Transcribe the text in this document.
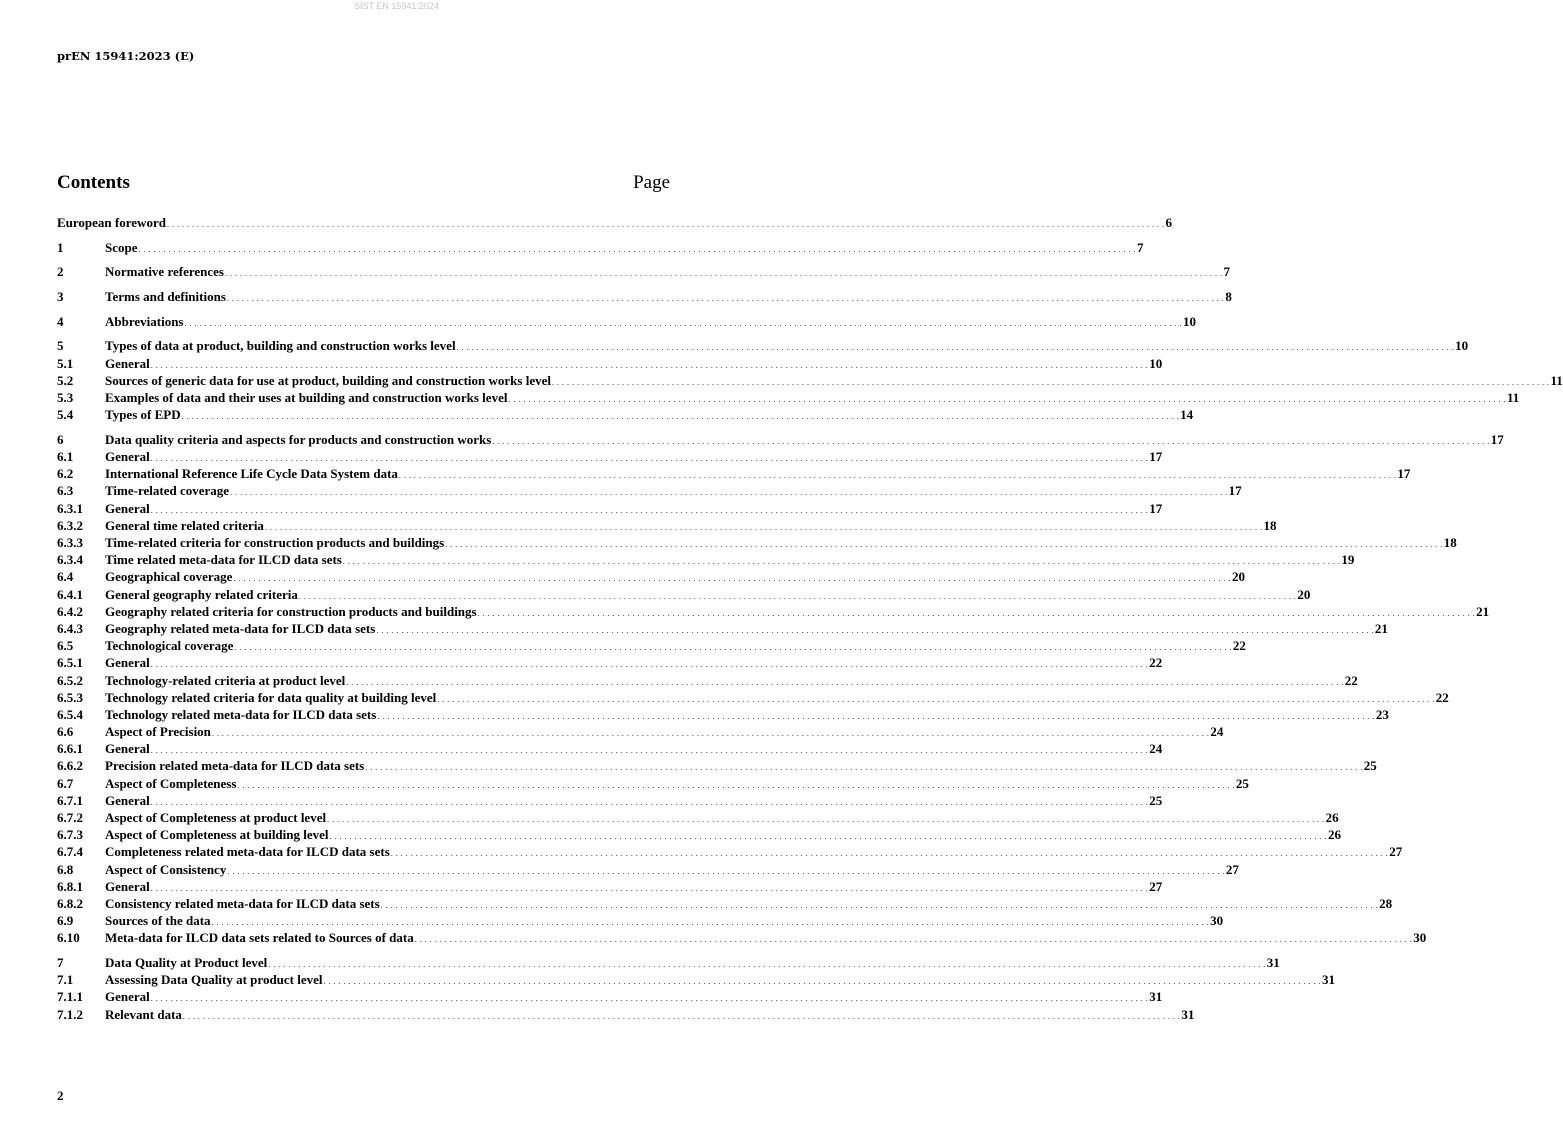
SIST EN 15941:2024
prEN 15941:2023 (E)
Contents	Page
European foreword . . . . . . . . . . . . . . . . . . . . . . . . . . . . . . . . . . . . . . . . . . . . . . . . . . . . . . . . . . . . . . . . . . . . . . . . . . . . . . . . . . . . . . . . . . . . . . . . . . . . . . . . . . . . . . . . . . . . . . . . . . . . . . . . . . . . . . . . . . . . . . . . . . . . . . . . . . . . . . . . . . . . . . . . . . . . . . . . . . . . . . . . . . . . . . . . . . . . . . . . 6
1	Scope . . . . . . . . . . . . . . . . . . . . . . . . . . . . . . . . . . . . . . . . . . . . . . . . . . . . . . . . . . . . . . . . . . . . . . . . . . . . . . . . . . . . . . . . . . . . . . . . . . . . . . . . . . . . . . . . . . . . . . . . . . . . . . . . . . . . . . . . . . . . . . . . . . . . . . . . . . . . . . . . . . . . . . . . . . . . . . . . . . . . . . . . . . . . . . . . . . . . . . . . 7
2	Normative references . . . . . . . . . . . . . . . . . . . . . . . . . . . . . . . . . . . . . . . . . . . . . . . . . . . . . . . . . . . . . . . . . . . . . . . . . . . . . . . . . . . . . . . . . . . . . . . . . . . . . . . . . . . . . . . . . . . . . . . . . . . . . . . . . . . . . . . . . . . . . . . . . . . . . . . . . . . . . . . . . . . . . . . . . . . . . . . . . . . . . . . . . . . . . . . . . . . . . . . . 7
3	Terms and definitions . . . . . . . . . . . . . . . . . . . . . . . . . . . . . . . . . . . . . . . . . . . . . . . . . . . . . . . . . . . . . . . . . . . . . . . . . . . . . . . . . . . . . . . . . . . . . . . . . . . . . . . . . . . . . . . . . . . . . . . . . . . . . . . . . . . . . . . . . . . . . . . . . . . . . . . . . . . . . . . . . . . . . . . . . . . . . . . . . . . . . . . . . . . . . . . . . . . . . . . . 8
4	Abbreviations . . . . . . . . . . . . . . . . . . . . . . . . . . . . . . . . . . . . . . . . . . . . . . . . . . . . . . . . . . . . . . . . . . . . . . . . . . . . . . . . . . . . . . . . . . . . . . . . . . . . . . . . . . . . . . . . . . . . . . . . . . . . . . . . . . . . . . . . . . . . . . . . . . . . . . . . . . . . . . . . . . . . . . . . . . . . . . . . . . . . . . . . . . . . . . . . . . . . . . . . 10
5	Types of data at product, building and construction works level . . . . . . . . . . . . . . . . . . . . . . . . . . . . . . . . . . . . . . . . . . . . . . . . . . . . . . . . . . . . . . . . . . . . . . . . . . . . . . . . . . . . . . . . . . . . . . . . . . . . . . . . . . . . . . . . . . . . . . . . . . . . . . . . . . . . . . . . . . . . . . . . . . . . . . . . . . . . . . . . . . . . . . . . . . . . . . . . . . . . . . . . . . . . . . . . . . . . . . . . 10
5.1	General . . . . . . . . . . . . . . . . . . . . . . . . . . . . . . . . . . . . . . . . . . . . . . . . . . . . . . . . . . . . . . . . . . . . . . . . . . . . . . . . . . . . . . . . . . . . . . . . . . . . . . . . . . . . . . . . . . . . . . . . . . . . . . . . . . . . . . . . . . . . . . . . . . . . . . . . . . . . . . . . . . . . . . . . . . . . . . . . . . . . . . . . . . . . . . . . . . . . . . . . 10
5.2	Sources of generic data for use at product, building and construction works level . . . . . . . . . . . . . . . . . . . . . . . . . . . . . . . . . . . . . . . . . . . . . . . . . . . . . . . . . . . . . . . . . . . . . . . . . . . . . . . . . . . . . . . . . . . . . . . . . . . . . . . . . . . . . . . . . . . . . . . . . . . . . . . . . . . . . . . . . . . . . . . . . . . . . . . . . . . . . . . . . . . . . . . . . . . . . . . . . . . . . . . . . . . . . . . . . . . . . . . . 11
5.3	Examples of data and their uses at building and construction works level . . . . . . . . . . . . . . . . . . . . . . . . . . . . . . . . . . . . . . . . . . . . . . . . . . . . . . . . . . . . . . . . . . . . . . . . . . . . . . . . . . . . . . . . . . . . . . . . . . . . . . . . . . . . . . . . . . . . . . . . . . . . . . . . . . . . . . . . . . . . . . . . . . . . . . . . . . . . . . . . . . . . . . . . . . . . . . . . . . . . . . . . . . . . . . . . . . . . . . . . 11
5.4	Types of EPD . . . . . . . . . . . . . . . . . . . . . . . . . . . . . . . . . . . . . . . . . . . . . . . . . . . . . . . . . . . . . . . . . . . . . . . . . . . . . . . . . . . . . . . . . . . . . . . . . . . . . . . . . . . . . . . . . . . . . . . . . . . . . . . . . . . . . . . . . . . . . . . . . . . . . . . . . . . . . . . . . . . . . . . . . . . . . . . . . . . . . . . . . . . . . . . . . . . . . . . . 14
6	Data quality criteria and aspects for products and construction works . . . . . . . . . . . . . . . . . . . . . . . . . . . . . . . . . . . . . . . . . . . . . . . . . . . . . . . . . . . . . . . . . . . . . . . . . . . . . . . . . . . . . . . . . . . . . . . . . . . . . . . . . . . . . . . . . . . . . . . . . . . . . . . . . . . . . . . . . . . . . . . . . . . . . . . . . . . . . . . . . . . . . . . . . . . . . . . . . . . . . . . . . . . . . . . . . . . . . . . . 17
6.1	General . . . . . . . . . . . . . . . . . . . . . . . . . . . . . . . . . . . . . . . . . . . . . . . . . . . . . . . . . . . . . . . . . . . . . . . . . . . . . . . . . . . . . . . . . . . . . . . . . . . . . . . . . . . . . . . . . . . . . . . . . . . . . . . . . . . . . . . . . . . . . . . . . . . . . . . . . . . . . . . . . . . . . . . . . . . . . . . . . . . . . . . . . . . . . . . . . . . . . . . . 17
6.2	International Reference Life Cycle Data System data . . . . . . . . . . . . . . . . . . . . . . . . . . . . . . . . . . . . . . . . . . . . . . . . . . . . . . . . . . . . . . . . . . . . . . . . . . . . . . . . . . . . . . . . . . . . . . . . . . . . . . . . . . . . . . . . . . . . . . . . . . . . . . . . . . . . . . . . . . . . . . . . . . . . . . . . . . . . . . . . . . . . . . . . . . . . . . . . . . . . . . . . . . . . . . . . . . . . . . . . 17
6.3	Time-related coverage . . . . . . . . . . . . . . . . . . . . . . . . . . . . . . . . . . . . . . . . . . . . . . . . . . . . . . . . . . . . . . . . . . . . . . . . . . . . . . . . . . . . . . . . . . . . . . . . . . . . . . . . . . . . . . . . . . . . . . . . . . . . . . . . . . . . . . . . . . . . . . . . . . . . . . . . . . . . . . . . . . . . . . . . . . . . . . . . . . . . . . . . . . . . . . . . . . . . . . . . 17
6.3.1	General . . . . . . . . . . . . . . . . . . . . . . . . . . . . . . . . . . . . . . . . . . . . . . . . . . . . . . . . . . . . . . . . . . . . . . . . . . . . . . . . . . . . . . . . . . . . . . . . . . . . . . . . . . . . . . . . . . . . . . . . . . . . . . . . . . . . . . . . . . . . . . . . . . . . . . . . . . . . . . . . . . . . . . . . . . . . . . . . . . . . . . . . . . . . . . . . . . . . . . . . 17
6.3.2	General time related criteria . . . . . . . . . . . . . . . . . . . . . . . . . . . . . . . . . . . . . . . . . . . . . . . . . . . . . . . . . . . . . . . . . . . . . . . . . . . . . . . . . . . . . . . . . . . . . . . . . . . . . . . . . . . . . . . . . . . . . . . . . . . . . . . . . . . . . . . . . . . . . . . . . . . . . . . . . . . . . . . . . . . . . . . . . . . . . . . . . . . . . . . . . . . . . . . . . . . . . . . . 18
6.3.3	Time-related criteria for construction products and buildings . . . . . . . . . . . . . . . . . . . . . . . . . . . . . . . . . . . . . . . . . . . . . . . . . . . . . . . . . . . . . . . . . . . . . . . . . . . . . . . . . . . . . . . . . . . . . . . . . . . . . . . . . . . . . . . . . . . . . . . . . . . . . . . . . . . . . . . . . . . . . . . . . . . . . . . . . . . . . . . . . . . . . . . . . . . . . . . . . . . . . . . . . . . . . . . . . . . . . . . . 18
6.3.4	Time related meta-data for ILCD data sets . . . . . . . . . . . . . . . . . . . . . . . . . . . . . . . . . . . . . . . . . . . . . . . . . . . . . . . . . . . . . . . . . . . . . . . . . . . . . . . . . . . . . . . . . . . . . . . . . . . . . . . . . . . . . . . . . . . . . . . . . . . . . . . . . . . . . . . . . . . . . . . . . . . . . . . . . . . . . . . . . . . . . . . . . . . . . . . . . . . . . . . . . . . . . . . . . . . . . . . . 19
6.4	Geographical coverage . . . . . . . . . . . . . . . . . . . . . . . . . . . . . . . . . . . . . . . . . . . . . . . . . . . . . . . . . . . . . . . . . . . . . . . . . . . . . . . . . . . . . . . . . . . . . . . . . . . . . . . . . . . . . . . . . . . . . . . . . . . . . . . . . . . . . . . . . . . . . . . . . . . . . . . . . . . . . . . . . . . . . . . . . . . . . . . . . . . . . . . . . . . . . . . . . . . . . . . . 20
6.4.1	General geography related criteria . . . . . . . . . . . . . . . . . . . . . . . . . . . . . . . . . . . . . . . . . . . . . . . . . . . . . . . . . . . . . . . . . . . . . . . . . . . . . . . . . . . . . . . . . . . . . . . . . . . . . . . . . . . . . . . . . . . . . . . . . . . . . . . . . . . . . . . . . . . . . . . . . . . . . . . . . . . . . . . . . . . . . . . . . . . . . . . . . . . . . . . . . . . . . . . . . . . . . . . . 20
6.4.2	Geography related criteria for construction products and buildings . . . . . . . . . . . . . . . . . . . . . . . . . . . . . . . . . . . . . . . . . . . . . . . . . . . . . . . . . . . . . . . . . . . . . . . . . . . . . . . . . . . . . . . . . . . . . . . . . . . . . . . . . . . . . . . . . . . . . . . . . . . . . . . . . . . . . . . . . . . . . . . . . . . . . . . . . . . . . . . . . . . . . . . . . . . . . . . . . . . . . . . . . . . . . . . . . . . . . . . . 21
6.4.3	Geography related meta-data for ILCD data sets . . . . . . . . . . . . . . . . . . . . . . . . . . . . . . . . . . . . . . . . . . . . . . . . . . . . . . . . . . . . . . . . . . . . . . . . . . . . . . . . . . . . . . . . . . . . . . . . . . . . . . . . . . . . . . . . . . . . . . . . . . . . . . . . . . . . . . . . . . . . . . . . . . . . . . . . . . . . . . . . . . . . . . . . . . . . . . . . . . . . . . . . . . . . . . . . . . . . . . . . 21
6.5	Technological coverage . . . . . . . . . . . . . . . . . . . . . . . . . . . . . . . . . . . . . . . . . . . . . . . . . . . . . . . . . . . . . . . . . . . . . . . . . . . . . . . . . . . . . . . . . . . . . . . . . . . . . . . . . . . . . . . . . . . . . . . . . . . . . . . . . . . . . . . . . . . . . . . . . . . . . . . . . . . . . . . . . . . . . . . . . . . . . . . . . . . . . . . . . . . . . . . . . . . . . . . . 22
6.5.1	General . . . . . . . . . . . . . . . . . . . . . . . . . . . . . . . . . . . . . . . . . . . . . . . . . . . . . . . . . . . . . . . . . . . . . . . . . . . . . . . . . . . . . . . . . . . . . . . . . . . . . . . . . . . . . . . . . . . . . . . . . . . . . . . . . . . . . . . . . . . . . . . . . . . . . . . . . . . . . . . . . . . . . . . . . . . . . . . . . . . . . . . . . . . . . . . . . . . . . . . . 22
6.5.2	Technology-related criteria at product level . . . . . . . . . . . . . . . . . . . . . . . . . . . . . . . . . . . . . . . . . . . . . . . . . . . . . . . . . . . . . . . . . . . . . . . . . . . . . . . . . . . . . . . . . . . . . . . . . . . . . . . . . . . . . . . . . . . . . . . . . . . . . . . . . . . . . . . . . . . . . . . . . . . . . . . . . . . . . . . . . . . . . . . . . . . . . . . . . . . . . . . . . . . . . . . . . . . . . . . . 22
6.5.3	Technology related criteria for data quality at building level . . . . . . . . . . . . . . . . . . . . . . . . . . . . . . . . . . . . . . . . . . . . . . . . . . . . . . . . . . . . . . . . . . . . . . . . . . . . . . . . . . . . . . . . . . . . . . . . . . . . . . . . . . . . . . . . . . . . . . . . . . . . . . . . . . . . . . . . . . . . . . . . . . . . . . . . . . . . . . . . . . . . . . . . . . . . . . . . . . . . . . . . . . . . . . . . . . . . . . . . 22
6.5.4	Technology related meta-data for ILCD data sets . . . . . . . . . . . . . . . . . . . . . . . . . . . . . . . . . . . . . . . . . . . . . . . . . . . . . . . . . . . . . . . . . . . . . . . . . . . . . . . . . . . . . . . . . . . . . . . . . . . . . . . . . . . . . . . . . . . . . . . . . . . . . . . . . . . . . . . . . . . . . . . . . . . . . . . . . . . . . . . . . . . . . . . . . . . . . . . . . . . . . . . . . . . . . . . . . . . . . . . . 23
6.6	Aspect of Precision . . . . . . . . . . . . . . . . . . . . . . . . . . . . . . . . . . . . . . . . . . . . . . . . . . . . . . . . . . . . . . . . . . . . . . . . . . . . . . . . . . . . . . . . . . . . . . . . . . . . . . . . . . . . . . . . . . . . . . . . . . . . . . . . . . . . . . . . . . . . . . . . . . . . . . . . . . . . . . . . . . . . . . . . . . . . . . . . . . . . . . . . . . . . . . . . . . . . . . . . 24
6.6.1	General . . . . . . . . . . . . . . . . . . . . . . . . . . . . . . . . . . . . . . . . . . . . . . . . . . . . . . . . . . . . . . . . . . . . . . . . . . . . . . . . . . . . . . . . . . . . . . . . . . . . . . . . . . . . . . . . . . . . . . . . . . . . . . . . . . . . . . . . . . . . . . . . . . . . . . . . . . . . . . . . . . . . . . . . . . . . . . . . . . . . . . . . . . . . . . . . . . . . . . . . 24
6.6.2	Precision related meta-data for ILCD data sets . . . . . . . . . . . . . . . . . . . . . . . . . . . . . . . . . . . . . . . . . . . . . . . . . . . . . . . . . . . . . . . . . . . . . . . . . . . . . . . . . . . . . . . . . . . . . . . . . . . . . . . . . . . . . . . . . . . . . . . . . . . . . . . . . . . . . . . . . . . . . . . . . . . . . . . . . . . . . . . . . . . . . . . . . . . . . . . . . . . . . . . . . . . . . . . . . . . . . . . . 25
6.7	Aspect of Completeness . . . . . . . . . . . . . . . . . . . . . . . . . . . . . . . . . . . . . . . . . . . . . . . . . . . . . . . . . . . . . . . . . . . . . . . . . . . . . . . . . . . . . . . . . . . . . . . . . . . . . . . . . . . . . . . . . . . . . . . . . . . . . . . . . . . . . . . . . . . . . . . . . . . . . . . . . . . . . . . . . . . . . . . . . . . . . . . . . . . . . . . . . . . . . . . . . . . . . . . . 25
6.7.1	General . . . . . . . . . . . . . . . . . . . . . . . . . . . . . . . . . . . . . . . . . . . . . . . . . . . . . . . . . . . . . . . . . . . . . . . . . . . . . . . . . . . . . . . . . . . . . . . . . . . . . . . . . . . . . . . . . . . . . . . . . . . . . . . . . . . . . . . . . . . . . . . . . . . . . . . . . . . . . . . . . . . . . . . . . . . . . . . . . . . . . . . . . . . . . . . . . . . . . . . . 25
6.7.2	Aspect of Completeness at product level . . . . . . . . . . . . . . . . . . . . . . . . . . . . . . . . . . . . . . . . . . . . . . . . . . . . . . . . . . . . . . . . . . . . . . . . . . . . . . . . . . . . . . . . . . . . . . . . . . . . . . . . . . . . . . . . . . . . . . . . . . . . . . . . . . . . . . . . . . . . . . . . . . . . . . . . . . . . . . . . . . . . . . . . . . . . . . . . . . . . . . . . . . . . . . . . . . . . . . . . 26
6.7.3	Aspect of Completeness at building level . . . . . . . . . . . . . . . . . . . . . . . . . . . . . . . . . . . . . . . . . . . . . . . . . . . . . . . . . . . . . . . . . . . . . . . . . . . . . . . . . . . . . . . . . . . . . . . . . . . . . . . . . . . . . . . . . . . . . . . . . . . . . . . . . . . . . . . . . . . . . . . . . . . . . . . . . . . . . . . . . . . . . . . . . . . . . . . . . . . . . . . . . . . . . . . . . . . . . . . . 26
6.7.4	Completeness related meta-data for ILCD data sets . . . . . . . . . . . . . . . . . . . . . . . . . . . . . . . . . . . . . . . . . . . . . . . . . . . . . . . . . . . . . . . . . . . . . . . . . . . . . . . . . . . . . . . . . . . . . . . . . . . . . . . . . . . . . . . . . . . . . . . . . . . . . . . . . . . . . . . . . . . . . . . . . . . . . . . . . . . . . . . . . . . . . . . . . . . . . . . . . . . . . . . . . . . . . . . . . . . . . . . . 27
6.8	Aspect of Consistency . . . . . . . . . . . . . . . . . . . . . . . . . . . . . . . . . . . . . . . . . . . . . . . . . . . . . . . . . . . . . . . . . . . . . . . . . . . . . . . . . . . . . . . . . . . . . . . . . . . . . . . . . . . . . . . . . . . . . . . . . . . . . . . . . . . . . . . . . . . . . . . . . . . . . . . . . . . . . . . . . . . . . . . . . . . . . . . . . . . . . . . . . . . . . . . . . . . . . . . . 27
6.8.1	General . . . . . . . . . . . . . . . . . . . . . . . . . . . . . . . . . . . . . . . . . . . . . . . . . . . . . . . . . . . . . . . . . . . . . . . . . . . . . . . . . . . . . . . . . . . . . . . . . . . . . . . . . . . . . . . . . . . . . . . . . . . . . . . . . . . . . . . . . . . . . . . . . . . . . . . . . . . . . . . . . . . . . . . . . . . . . . . . . . . . . . . . . . . . . . . . . . . . . . . . 27
6.8.2	Consistency related meta-data for ILCD data sets . . . . . . . . . . . . . . . . . . . . . . . . . . . . . . . . . . . . . . . . . . . . . . . . . . . . . . . . . . . . . . . . . . . . . . . . . . . . . . . . . . . . . . . . . . . . . . . . . . . . . . . . . . . . . . . . . . . . . . . . . . . . . . . . . . . . . . . . . . . . . . . . . . . . . . . . . . . . . . . . . . . . . . . . . . . . . . . . . . . . . . . . . . . . . . . . . . . . . . . . 28
6.9	Sources of the data . . . . . . . . . . . . . . . . . . . . . . . . . . . . . . . . . . . . . . . . . . . . . . . . . . . . . . . . . . . . . . . . . . . . . . . . . . . . . . . . . . . . . . . . . . . . . . . . . . . . . . . . . . . . . . . . . . . . . . . . . . . . . . . . . . . . . . . . . . . . . . . . . . . . . . . . . . . . . . . . . . . . . . . . . . . . . . . . . . . . . . . . . . . . . . . . . . . . . . . . 30
6.10	Meta-data for ILCD data sets related to Sources of data . . . . . . . . . . . . . . . . . . . . . . . . . . . . . . . . . . . . . . . . . . . . . . . . . . . . . . . . . . . . . . . . . . . . . . . . . . . . . . . . . . . . . . . . . . . . . . . . . . . . . . . . . . . . . . . . . . . . . . . . . . . . . . . . . . . . . . . . . . . . . . . . . . . . . . . . . . . . . . . . . . . . . . . . . . . . . . . . . . . . . . . . . . . . . . . . . . . . . . . . 30
7	Data Quality at Product level . . . . . . . . . . . . . . . . . . . . . . . . . . . . . . . . . . . . . . . . . . . . . . . . . . . . . . . . . . . . . . . . . . . . . . . . . . . . . . . . . . . . . . . . . . . . . . . . . . . . . . . . . . . . . . . . . . . . . . . . . . . . . . . . . . . . . . . . . . . . . . . . . . . . . . . . . . . . . . . . . . . . . . . . . . . . . . . . . . . . . . . . . . . . . . . . . . . . . . . . 31
7.1	Assessing Data Quality at product level . . . . . . . . . . . . . . . . . . . . . . . . . . . . . . . . . . . . . . . . . . . . . . . . . . . . . . . . . . . . . . . . . . . . . . . . . . . . . . . . . . . . . . . . . . . . . . . . . . . . . . . . . . . . . . . . . . . . . . . . . . . . . . . . . . . . . . . . . . . . . . . . . . . . . . . . . . . . . . . . . . . . . . . . . . . . . . . . . . . . . . . . . . . . . . . . . . . . . . . . 31
7.1.1	General . . . . . . . . . . . . . . . . . . . . . . . . . . . . . . . . . . . . . . . . . . . . . . . . . . . . . . . . . . . . . . . . . . . . . . . . . . . . . . . . . . . . . . . . . . . . . . . . . . . . . . . . . . . . . . . . . . . . . . . . . . . . . . . . . . . . . . . . . . . . . . . . . . . . . . . . . . . . . . . . . . . . . . . . . . . . . . . . . . . . . . . . . . . . . . . . . . . . . . . . 31
7.1.2	Relevant data . . . . . . . . . . . . . . . . . . . . . . . . . . . . . . . . . . . . . . . . . . . . . . . . . . . . . . . . . . . . . . . . . . . . . . . . . . . . . . . . . . . . . . . . . . . . . . . . . . . . . . . . . . . . . . . . . . . . . . . . . . . . . . . . . . . . . . . . . . . . . . . . . . . . . . . . . . . . . . . . . . . . . . . . . . . . . . . . . . . . . . . . . . . . . . . . . . . . . . . . 31
2
